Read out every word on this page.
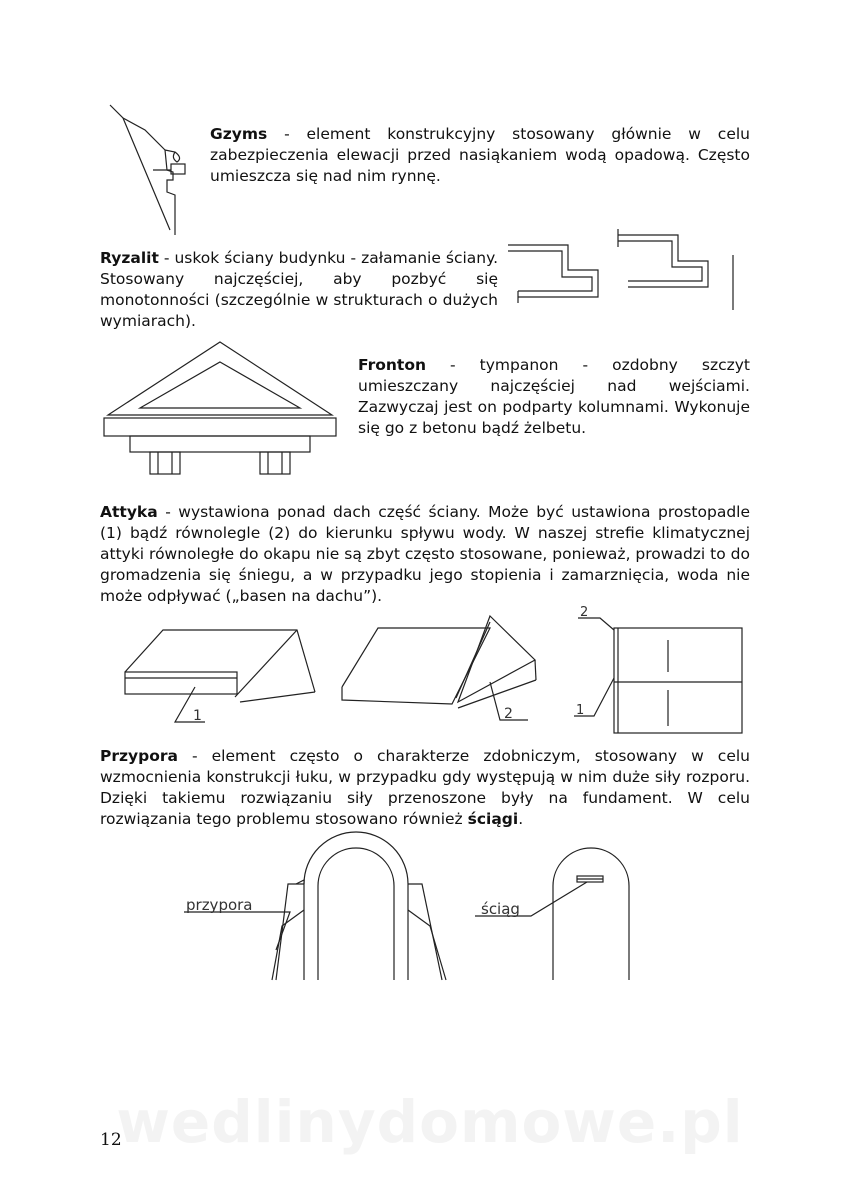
Gzyms - element konstrukcyjny stosowany głównie w celu zabezpieczenia elewacji przed nasiąkaniem wodą opadową. Często umieszcza się nad nim rynnę.
Ryzalit - uskok ściany budynku - załamanie ściany. Stosowany najczęściej, aby pozbyć się monotonności (szczególnie w strukturach o dużych wymiarach).
Fronton - tympanon - ozdobny szczyt umieszczany najczęściej nad wejściami. Zazwyczaj jest on podparty kolumnami. Wykonuje się go z betonu bądź żelbetu.
Attyka - wystawiona ponad dach część ściany. Może być ustawiona prostopadle (1) bądź równolegle (2) do kierunku spływu wody. W naszej strefie klimatycznej attyki równoległe do okapu nie są zbyt często stosowane, ponieważ, prowadzi to do gromadzenia się śniegu, a w przypadku jego stopienia i zamarznięcia, woda nie może odpływać („basen na dachu”).
1	2
2
1
Przypora - element często o charakterze zdobniczym, stosowany w celu wzmocnienia konstrukcji łuku, w przypadku gdy występują w nim duże siły rozporu. Dzięki takiemu rozwiązaniu siły przenoszone były na fundament. W celu rozwiązania tego problemu stosowano również ściągi.
przypora	ściąg
wedlinydomowe.pl
12
